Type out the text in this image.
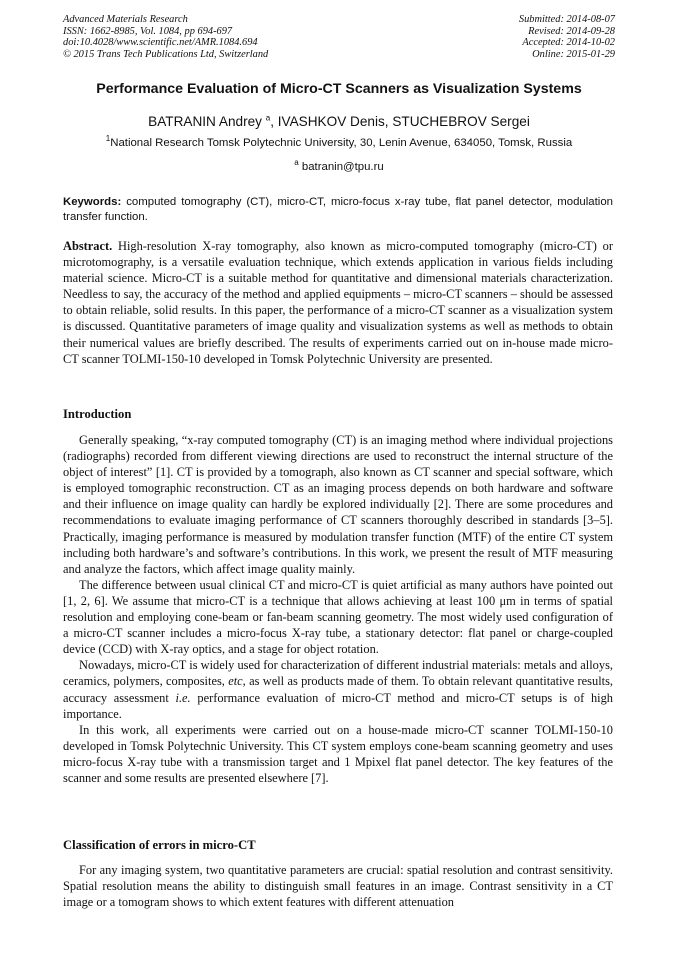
Advanced Materials Research
ISSN: 1662-8985, Vol. 1084, pp 694-697
doi:10.4028/www.scientific.net/AMR.1084.694
© 2015 Trans Tech Publications Ltd, Switzerland
Submitted: 2014-08-07
Revised: 2014-09-28
Accepted: 2014-10-02
Online: 2015-01-29
Performance Evaluation of Micro-CT Scanners as Visualization Systems
BATRANIN Andrey $^a$, IVASHKOV Denis, STUCHEBROV Sergei
$^1$National Research Tomsk Polytechnic University, 30, Lenin Avenue, 634050, Tomsk, Russia
$^a$ batranin@tpu.ru
Keywords: computed tomography (CT), micro-CT, micro-focus x-ray tube, flat panel detector, modulation transfer function.
Abstract. High-resolution X-ray tomography, also known as micro-computed tomography (micro-CT) or microtomography, is a versatile evaluation technique, which extends application in various fields including material science. Micro-CT is a suitable method for quantitative and dimensional materials characterization. Needless to say, the accuracy of the method and applied equipments – micro-CT scanners – should be assessed to obtain reliable, solid results. In this paper, the performance of a micro-CT scanner as a visualization system is discussed. Quantitative parameters of image quality and visualization systems as well as methods to obtain their numerical values are briefly described. The results of experiments carried out on in-house made micro-CT scanner TOLMI-150-10 developed in Tomsk Polytechnic University are presented.
Introduction

Generally speaking, “x-ray computed tomography (CT) is an imaging method where individual projections (radiographs) recorded from different viewing directions are used to reconstruct the internal structure of the object of interest” [1]. CT is provided by a tomograph, also known as CT scanner and special software, which is employed tomographic reconstruction. CT as an imaging process depends on both hardware and software and their influence on image quality can hardly be explored individually [2]. There are some procedures and recommendations to evaluate imaging performance of CT scanners thoroughly described in standards [3–5]. Practically, imaging performance is measured by modulation transfer function (MTF) of the entire CT system including both hardware’s and software’s contributions. In this work, we present the result of MTF measuring and analyze the factors, which affect image quality mainly.

The difference between usual clinical CT and micro-CT is quiet artificial as many authors have pointed out [1, 2, 6]. We assume that micro-CT is a technique that allows achieving at least 100 μm in terms of spatial resolution and employing cone-beam or fan-beam scanning geometry. The most widely used configuration of a micro-CT scanner includes a micro-focus X-ray tube, a stationary detector: flat panel or charge-coupled device (CCD) with X-ray optics, and a stage for object rotation.

Nowadays, micro-CT is widely used for characterization of different industrial materials: metals and alloys, ceramics, polymers, composites, etc, as well as products made of them. To obtain relevant quantitative results, accuracy assessment i.e. performance evaluation of micro-CT method and micro-CT setups is of high importance.

In this work, all experiments were carried out on a house-made micro-CT scanner TOLMI-150-10 developed in Tomsk Polytechnic University. This CT system employs cone-beam scanning geometry and uses micro-focus X-ray tube with a transmission target and 1 Mpixel flat panel detector. The key features of the scanner and some results are presented elsewhere [7].

Classification of errors in micro-CT

For any imaging system, two quantitative parameters are crucial: spatial resolution and contrast sensitivity. Spatial resolution means the ability to distinguish small features in an image. Contrast sensitivity in a CT image or a tomogram shows to which extent features with different attenuation
